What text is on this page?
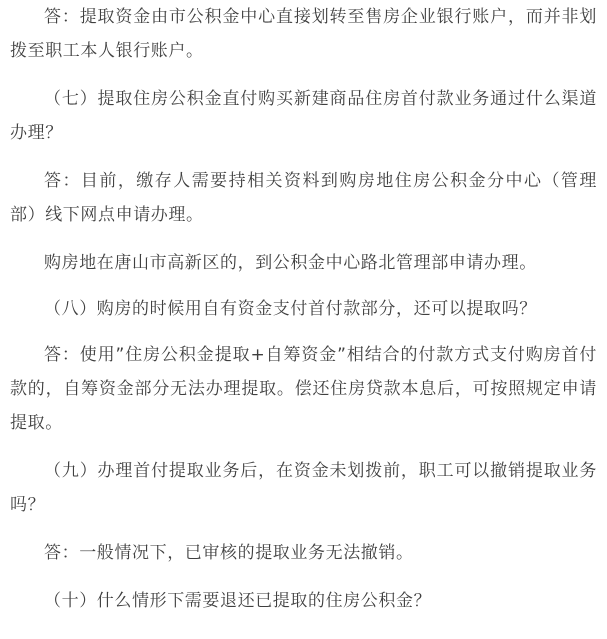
答：提取资金由市公积金中心直接划转至售房企业银行账户，而并非划拨至职工本人银行账户。

（七）提取住房公积金直付购买新建商品住房首付款业务通过什么渠道办理？

答：目前，缴存人需要持相关资料到购房地住房公积金分中心（管理部）线下网点申请办理。

购房地在唐山市高新区的，到公积金中心路北管理部申请办理。

（八）购房的时候用自有资金支付首付款部分，还可以提取吗？

答：使用”住房公积金提取+自筹资金”相结合的付款方式支付购房首付款的，自筹资金部分无法办理提取。偿还住房贷款本息后，可按照规定申请提取。

（九）办理首付提取业务后，在资金未划拨前，职工可以撤销提取业务吗？

答：一般情况下，已审核的提取业务无法撤销。

（十）什么情形下需要退还已提取的住房公积金？
